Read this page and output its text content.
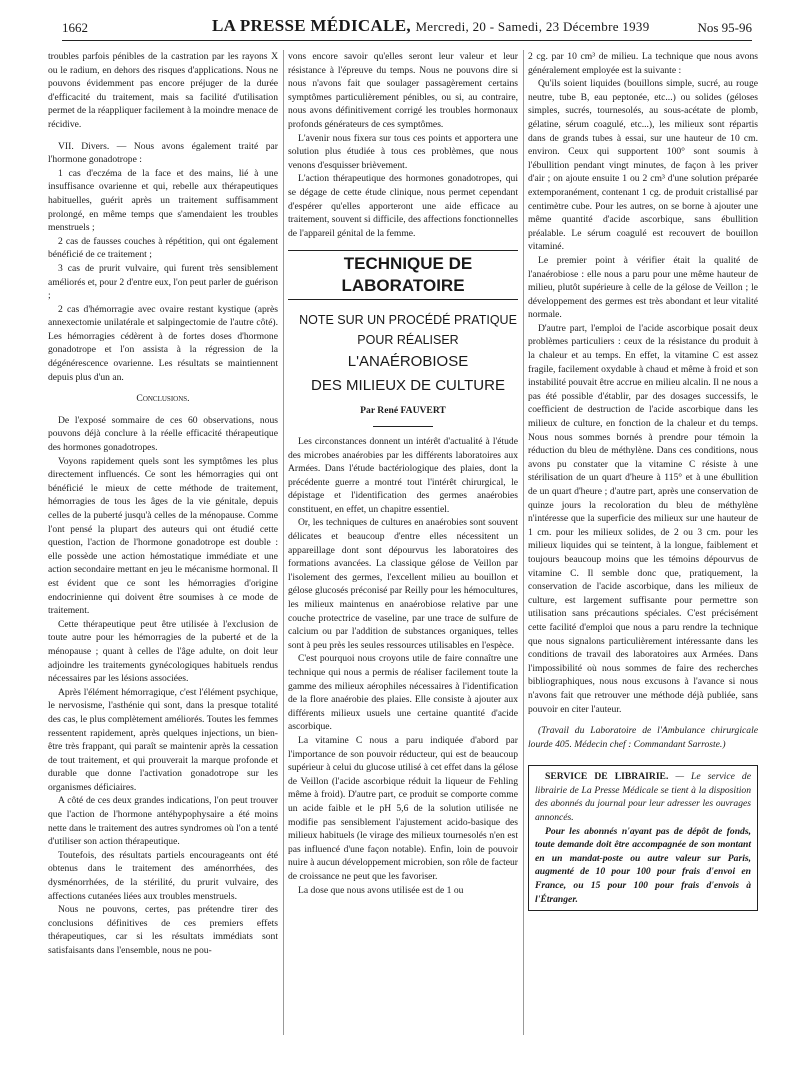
1662	LA PRESSE MÉDICALE, Mercredi, 20 - Samedi, 23 Décembre 1939	Nos 95-96

troubles parfois pénibles de la castration par les rayons X ou le radium, en dehors des risques d'applications. Nous ne pouvons évidemment pas encore préjuger de la durée d'efficacité du traitement, mais sa facilité d'utilisation permet de la réappliquer facilement à la moindre menace de récidive.

VII. Divers. — Nous avons également traité par l'hormone gonadotrope :

1 cas d'eczéma de la face et des mains, lié à une insuffisance ovarienne et qui, rebelle aux thérapeutiques habituelles, guérit après un traitement suffisamment prolongé, en même temps que s'amendaient les troubles menstruels ;

2 cas de fausses couches à répétition, qui ont également bénéficié de ce traitement ;

3 cas de prurit vulvaire, qui furent très sensiblement améliorés et, pour 2 d'entre eux, l'on peut parler de guérison ;

2 cas d'hémorragie avec ovaire restant kystique (après annexectomie unilatérale et salpingectomie de l'autre côté). Les hémorragies cédèrent à de fortes doses d'hormone gonadotrope et l'on assista à la régression de la dégénérescence ovarienne. Les résultats se maintiennent depuis plus d'un an.

Conclusions.

De l'exposé sommaire de ces 60 observations, nous pouvons déjà conclure à la réelle efficacité thérapeutique des hormones gonadotropes.

Voyons rapidement quels sont les symptômes les plus directement influencés. Ce sont les hémorragies qui ont bénéficié le mieux de cette méthode de traitement, hémorragies de tous les âges de la vie génitale, depuis celles de la puberté jusqu'à celles de la ménopause. Comme l'ont pensé la plupart des auteurs qui ont étudié cette question, l'action de l'hormone gonadotrope est double : elle possède une action hémostatique immédiate et une action secondaire mettant en jeu le mécanisme hormonal. Il est évident que ce sont les hémorragies d'origine endocrinienne qui doivent être soumises à ce mode de traitement.

Cette thérapeutique peut être utilisée à l'exclusion de toute autre pour les hémorragies de la puberté et de la ménopause ; quant à celles de l'âge adulte, on doit leur adjoindre les traitements gynécologiques habituels rendus nécessaires par les lésions associées.

Après l'élément hémorragique, c'est l'élément psychique, le nervosisme, l'asthénie qui sont, dans la presque totalité des cas, le plus complètement améliorés. Toutes les femmes ressentent rapidement, après quelques injections, un bien-être très frappant, qui paraît se maintenir après la cessation de tout traitement, et qui prouverait la marque profonde et durable que donne l'activation gonadotrope sur les organismes déficiaires.

A côté de ces deux grandes indications, l'on peut trouver que l'action de l'hormone antéhypophysaire a été moins nette dans le traitement des autres syndromes où l'on a tenté d'utiliser son action thérapeutique.

Toutefois, des résultats partiels encourageants ont été obtenus dans le traitement des aménorrhées, des dysménorrhées, de la stérilité, du prurit vulvaire, des affections cutanées liées aux troubles menstruels.

Nous ne pouvons, certes, pas prétendre tirer des conclusions définitives de ces premiers effets thérapeutiques, car si les résultats immédiats sont satisfaisants dans l'ensemble, nous ne pou-

vons encore savoir qu'elles seront leur valeur et leur résistance à l'épreuve du temps. Nous ne pouvons dire si nous n'avons fait que soulager passagèrement certains symptômes particulièrement pénibles, ou si, au contraire, nous avons définitivement corrigé les troubles hormonaux profonds générateurs de ces symptômes.

L'avenir nous fixera sur tous ces points et apportera une solution plus étudiée à tous ces problèmes, que nous venons d'esquisser brièvement.

L'action thérapeutique des hormones gonadotropes, qui se dégage de cette étude clinique, nous permet cependant d'espérer qu'elles apporteront une aide efficace au traitement, souvent si difficile, des affections fonctionnelles de l'appareil génital de la femme.

TECHNIQUE DE LABORATOIRE

NOTE SUR UN PROCÉDÉ PRATIQUE

POUR RÉALISER

L'ANAÉROBIOSE

DES MILIEUX DE CULTURE

Par René FAUVERT

Les circonstances donnent un intérêt d'actualité à l'étude des microbes anaérobies par les différents laboratoires aux Armées. Dans l'étude bactériologique des plaies, dont la précédente guerre a montré tout l'intérêt chirurgical, le dépistage et l'identification des germes anaérobies constituent, en effet, un chapitre essentiel.

Or, les techniques de cultures en anaérobies sont souvent délicates et beaucoup d'entre elles nécessitent un appareillage dont sont dépourvus les laboratoires des formations avancées. La classique gélose de Veillon par l'isolement des germes, l'excellent milieu au bouillon et gélose glucosés préconisé par Reilly pour les hémocultures, les milieux maintenus en anaérobiose relative par une couche protectrice de vaseline, par une trace de sulfure de calcium ou par l'addition de substances organiques, telles sont à peu près les seules ressources utilisables en l'espèce.

C'est pourquoi nous croyons utile de faire connaître une technique qui nous a permis de réaliser facilement toute la gamme des milieux aérophiles nécessaires à l'identification de la flore anaérobie des plaies. Elle consiste à ajouter aux différents milieux usuels une certaine quantité d'acide ascorbique.

La vitamine C nous a paru indiquée d'abord par l'importance de son pouvoir réducteur, qui est de beaucoup supérieur à celui du glucose utilisé à cet effet dans la gélose de Veillon (l'acide ascorbique réduit la liqueur de Fehling même à froid). D'autre part, ce produit se comporte comme un acide faible et le pH 5,6 de la solution utilisée ne modifie pas sensiblement l'ajustement acido-basique des milieux habituels (le virage des milieux tournesolés n'en est pas influencé d'une façon notable). Enfin, loin de pouvoir nuire à aucun développement microbien, son rôle de facteur de croissance ne peut que les favoriser.

La dose que nous avons utilisée est de 1 ou

2 cg. par 10 cm³ de milieu. La technique que nous avons généralement employée est la suivante :

Qu'ils soient liquides (bouillons simple, sucré, au rouge neutre, tube B, eau peptonée, etc...) ou solides (géloses simples, sucrés, tournesolés, au sous-acétate de plomb, gélatine, sérum coagulé, etc...), les milieux sont répartis dans de grands tubes à essai, sur une hauteur de 10 cm. environ. Ceux qui supportent 100° sont soumis à l'ébullition pendant vingt minutes, de façon à les priver d'air ; on ajoute ensuite 1 ou 2 cm³ d'une solution préparée extemporanément, contenant 1 cg. de produit cristallisé par centimètre cube. Pour les autres, on se borne à ajouter une même quantité d'acide ascorbique, sans ébullition préalable. Le sérum coagulé est recouvert de bouillon vitaminé.

Le premier point à vérifier était la qualité de l'anaérobiose : elle nous a paru pour une même hauteur de milieu, plutôt supérieure à celle de la gélose de Veillon ; le développement des germes est très abondant et leur vitalité normale.

D'autre part, l'emploi de l'acide ascorbique posait deux problèmes particuliers : ceux de la résistance du produit à la chaleur et au temps. En effet, la vitamine C est assez fragile, facilement oxydable à chaud et même à froid et son instabilité pouvait être accrue en milieu alcalin. Il ne nous a pas été possible d'établir, par des dosages successifs, le coefficient de destruction de l'acide ascorbique dans les milieux de culture, en fonction de la chaleur et du temps. Nous nous sommes bornés à prendre pour témoin la réduction du bleu de méthylène. Dans ces conditions, nous avons pu constater que la vitamine C résiste à une stérilisation de un quart d'heure à 115° et à une ébullition de un quart d'heure ; d'autre part, après une conservation de quinze jours la recoloration du bleu de méthylène n'intéresse que la superficie des milieux sur une hauteur de 1 cm. pour les milieux solides, de 2 ou 3 cm. pour les milieux liquides qui se teintent, à la longue, faiblement et toujours beaucoup moins que les témoins dépourvus de vitamine C. Il semble donc que, pratiquement, la conservation de l'acide ascorbique, dans les milieux de culture, est largement suffisante pour permettre son utilisation sans précautions spéciales. C'est précisément cette facilité d'emploi que nous a paru rendre la technique que nous signalons particulièrement intéressante dans les conditions de travail des laboratoires aux Armées. Dans l'impossibilité où nous sommes de faire des recherches bibliographiques, nous nous excusons à l'avance si nous n'avons fait que retrouver une méthode déjà publiée, sans pouvoir en citer l'auteur.

(Travail du Laboratoire de l'Ambulance chirurgicale lourde 405. Médecin chef : Commandant Sarroste.)

SERVICE DE LIBRAIRIE. — Le service de librairie de La Presse Médicale se tient à la disposition des abonnés du journal pour leur adresser les ouvrages annoncés.

Pour les abonnés n'ayant pas de dépôt de fonds, toute demande doit être accompagnée de son montant en un mandat-poste ou autre valeur sur Paris, augmenté de 10 pour 100 pour frais d'envoi en France, ou 15 pour 100 pour frais d'envois à l'Étranger.
